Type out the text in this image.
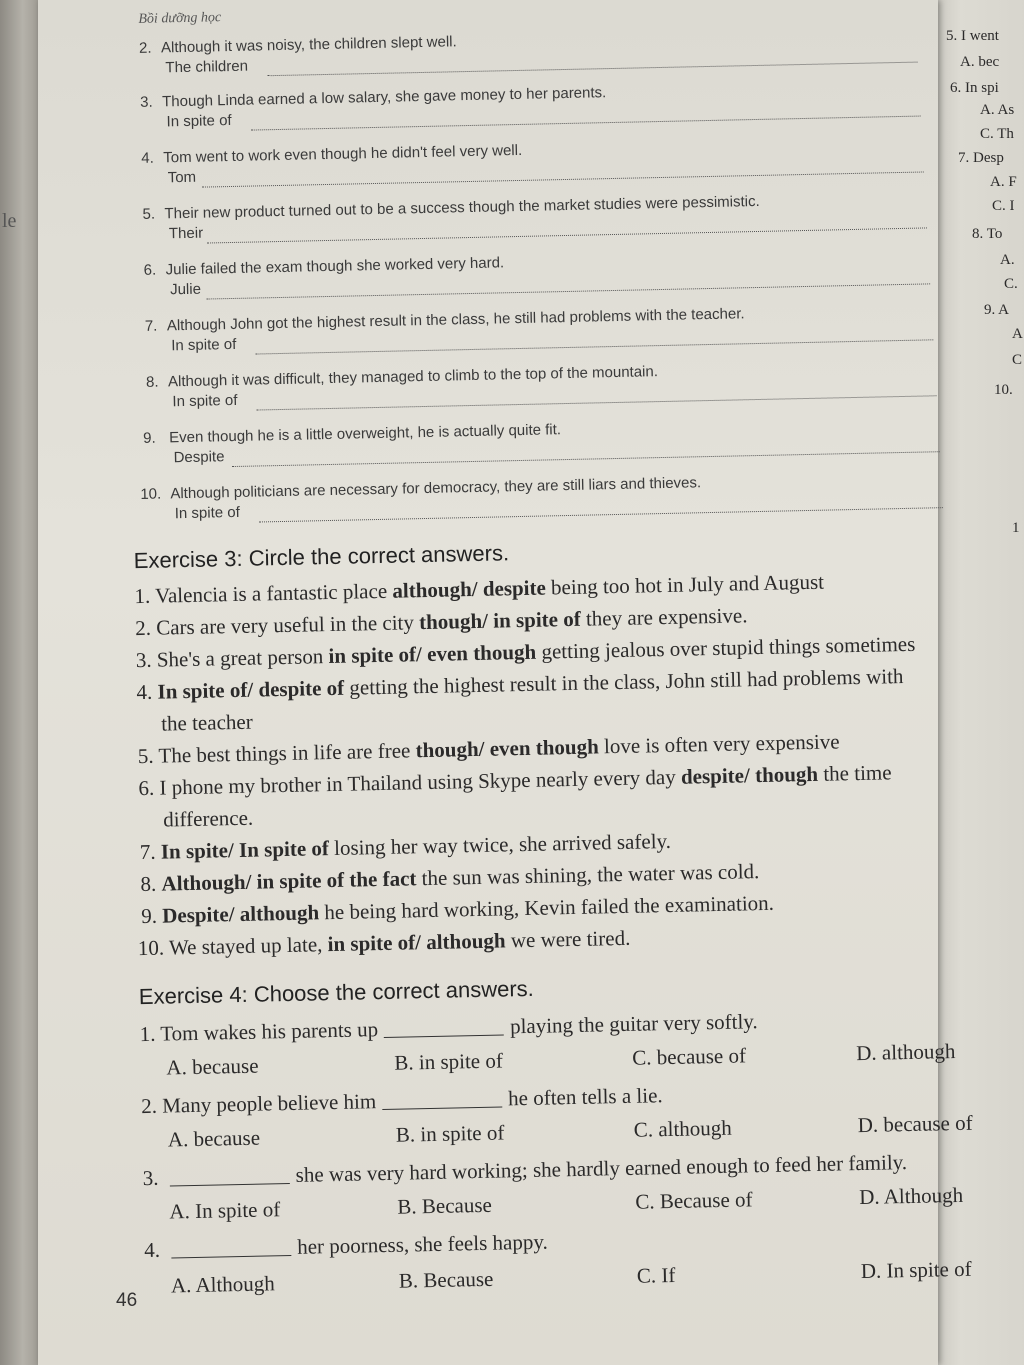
le
Bồi dưỡng học
2. Although it was noisy, the children slept well.
The children
3. Though Linda earned a low salary, she gave money to her parents.
In spite of
4. Tom went to work even though he didn't feel very well.
Tom
5. Their new product turned out to be a success though the market studies were pessimistic.
Their
6. Julie failed the exam though she worked very hard.
Julie
7. Although John got the highest result in the class, he still had problems with the teacher.
In spite of
8. Although it was difficult, they managed to climb to the top of the mountain.
In spite of
9. Even though he is a little overweight, he is actually quite fit.
Despite
10. Although politicians are necessary for democracy, they are still liars and thieves.
In spite of
Exercise 3: Circle the correct answers.
1. Valencia is a fantastic place although/ despite being too hot in July and August
2. Cars are very useful in the city though/ in spite of they are expensive.
3. She's a great person in spite of/ even though getting jealous over stupid things sometimes
4. In spite of/ despite of getting the highest result in the class, John still had problems with
the teacher
5. The best things in life are free though/ even though love is often very expensive
6. I phone my brother in Thailand using Skype nearly every day despite/ though the time
difference.
7. In spite/ In spite of losing her way twice, she arrived safely.
8. Although/ in spite of the fact the sun was shining, the water was cold.
9. Despite/ although he being hard working, Kevin failed the examination.
10. We stayed up late, in spite of/ although we were tired.
Exercise 4: Choose the correct answers.
1. Tom wakes his parents up	playing the guitar very softly.
A. because	B. in spite of	C. because of	D. although
2. Many people believe him	he often tells a lie.
A. because	B. in spite of	C. although	D. because of
3.	she was very hard working; she hardly earned enough to feed her family.
A. In spite of	B. Because	C. Because of	D. Although
4.	her poorness, she feels happy.
A. Although	B. Because	C. If	D. In spite of
46
5. I went
A. bec
6. In spi
A. As
C. Th
7. Desp
A. F
C. I
8. To
A.
C.
9. A
A
C
10.
1
